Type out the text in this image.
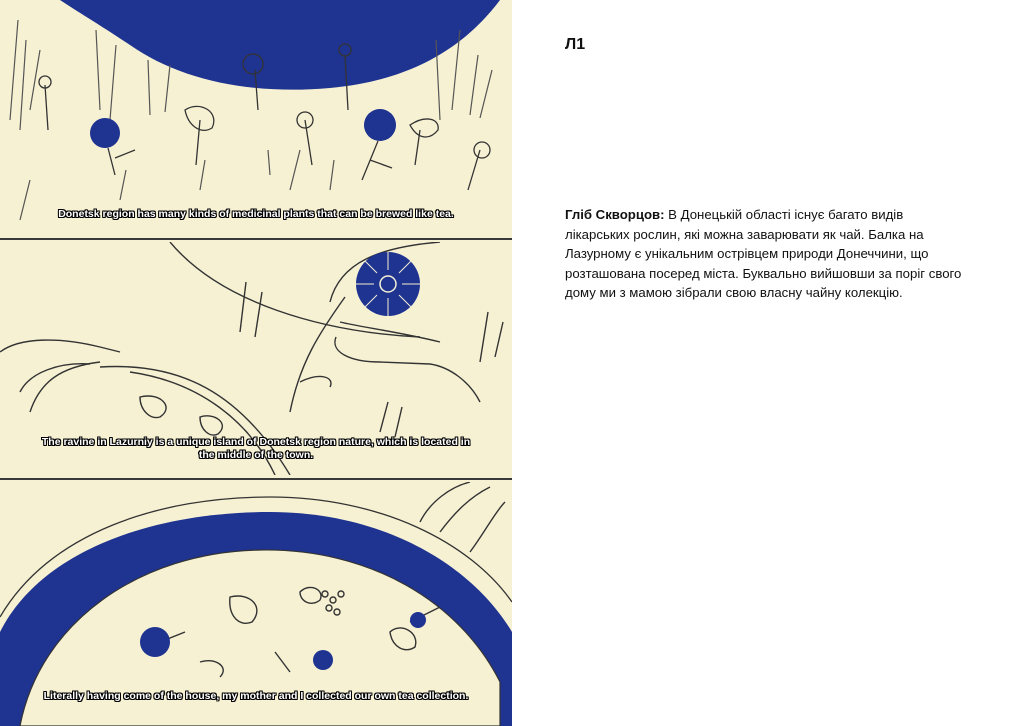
Donetsk region has many kinds of medicinal plants that can be brewed like tea.
The ravine in Lazurniy is a unique island of Donetsk region nature, which is located in the middle of the town.
Literally having come of the house, my mother and I collected our own tea collection.
Л1
Гліб Скворцов: В Донецькій області існує багато видів лікарських рослин, які можна заварювати як чай. Балка на Лазурному є унікальним острівцем природи Донеччини, що розташована посеред міста. Буквально вийшовши за поріг свого дому ми з мамою зібрали свою власну чайну колекцію.
